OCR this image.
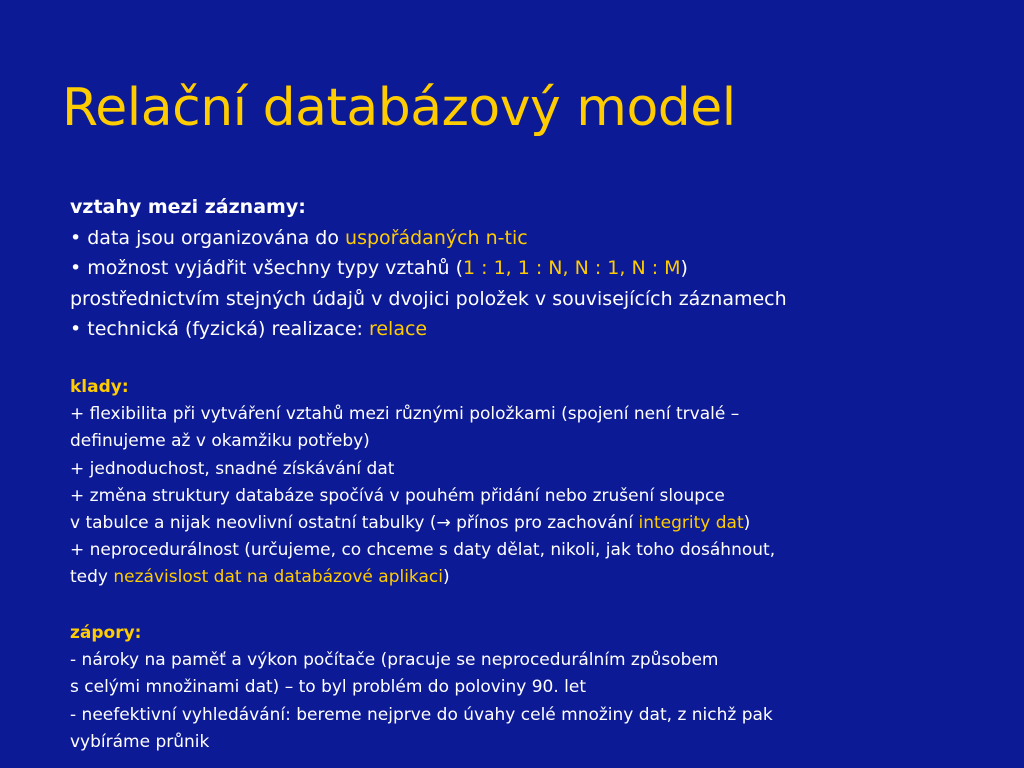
Relační databázový model
vztahy mezi záznamy:
• data jsou organizována do uspořádaných n-tic
• možnost vyjádřit všechny typy vztahů (1 : 1, 1 : N, N : 1, N : M)
prostřednictvím stejných údajů v dvojici položek v souvisejících záznamech
• technická (fyzická) realizace: relace
klady:
+ flexibilita při vytváření vztahů mezi různými položkami (spojení není trvalé –
definujeme až v okamžiku potřeby)
+ jednoduchost, snadné získávání dat
+ změna struktury databáze spočívá v pouhém přidání nebo zrušení sloupce
v tabulce a nijak neovlivní ostatní tabulky (→ přínos pro zachování integrity dat)
+ neprocedurálnost (určujeme, co chceme s daty dělat, nikoli, jak toho dosáhnout,
tedy nezávislost dat na databázové aplikaci)
zápory:
- nároky na paměť a výkon počítače (pracuje se neprocedurálním způsobem
s celými množinami dat) – to byl problém do poloviny 90. let
- neefektivní vyhledávání: bereme nejprve do úvahy celé množiny dat, z nichž pak
vybíráme průnik
